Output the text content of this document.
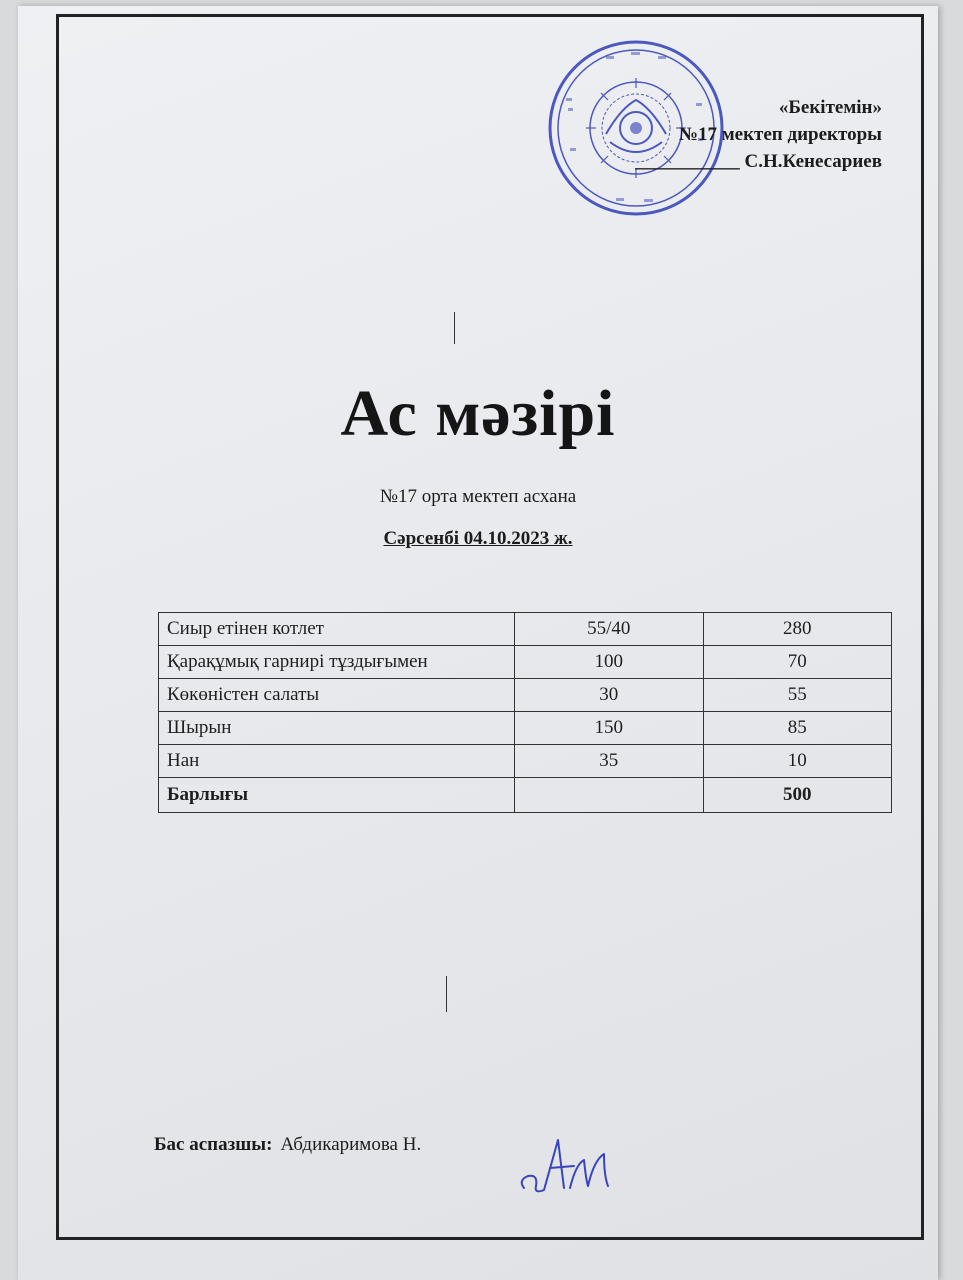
«Бекітемін»
№17 мектеп директоры
___________ С.Н.Кенесариев
Ас мәзірі
№17 орта мектеп асхана
Сәрсенбі 04.10.2023 ж.
Сиыр етінен котлет	55/40	280
Қарақұмық гарнирі тұздығымен	100	70
Көкөністен салаты	30	55
Шырын	150	85
Нан	35	10
Барлығы		500
Бас аспазшы: Абдикаримова Н.
